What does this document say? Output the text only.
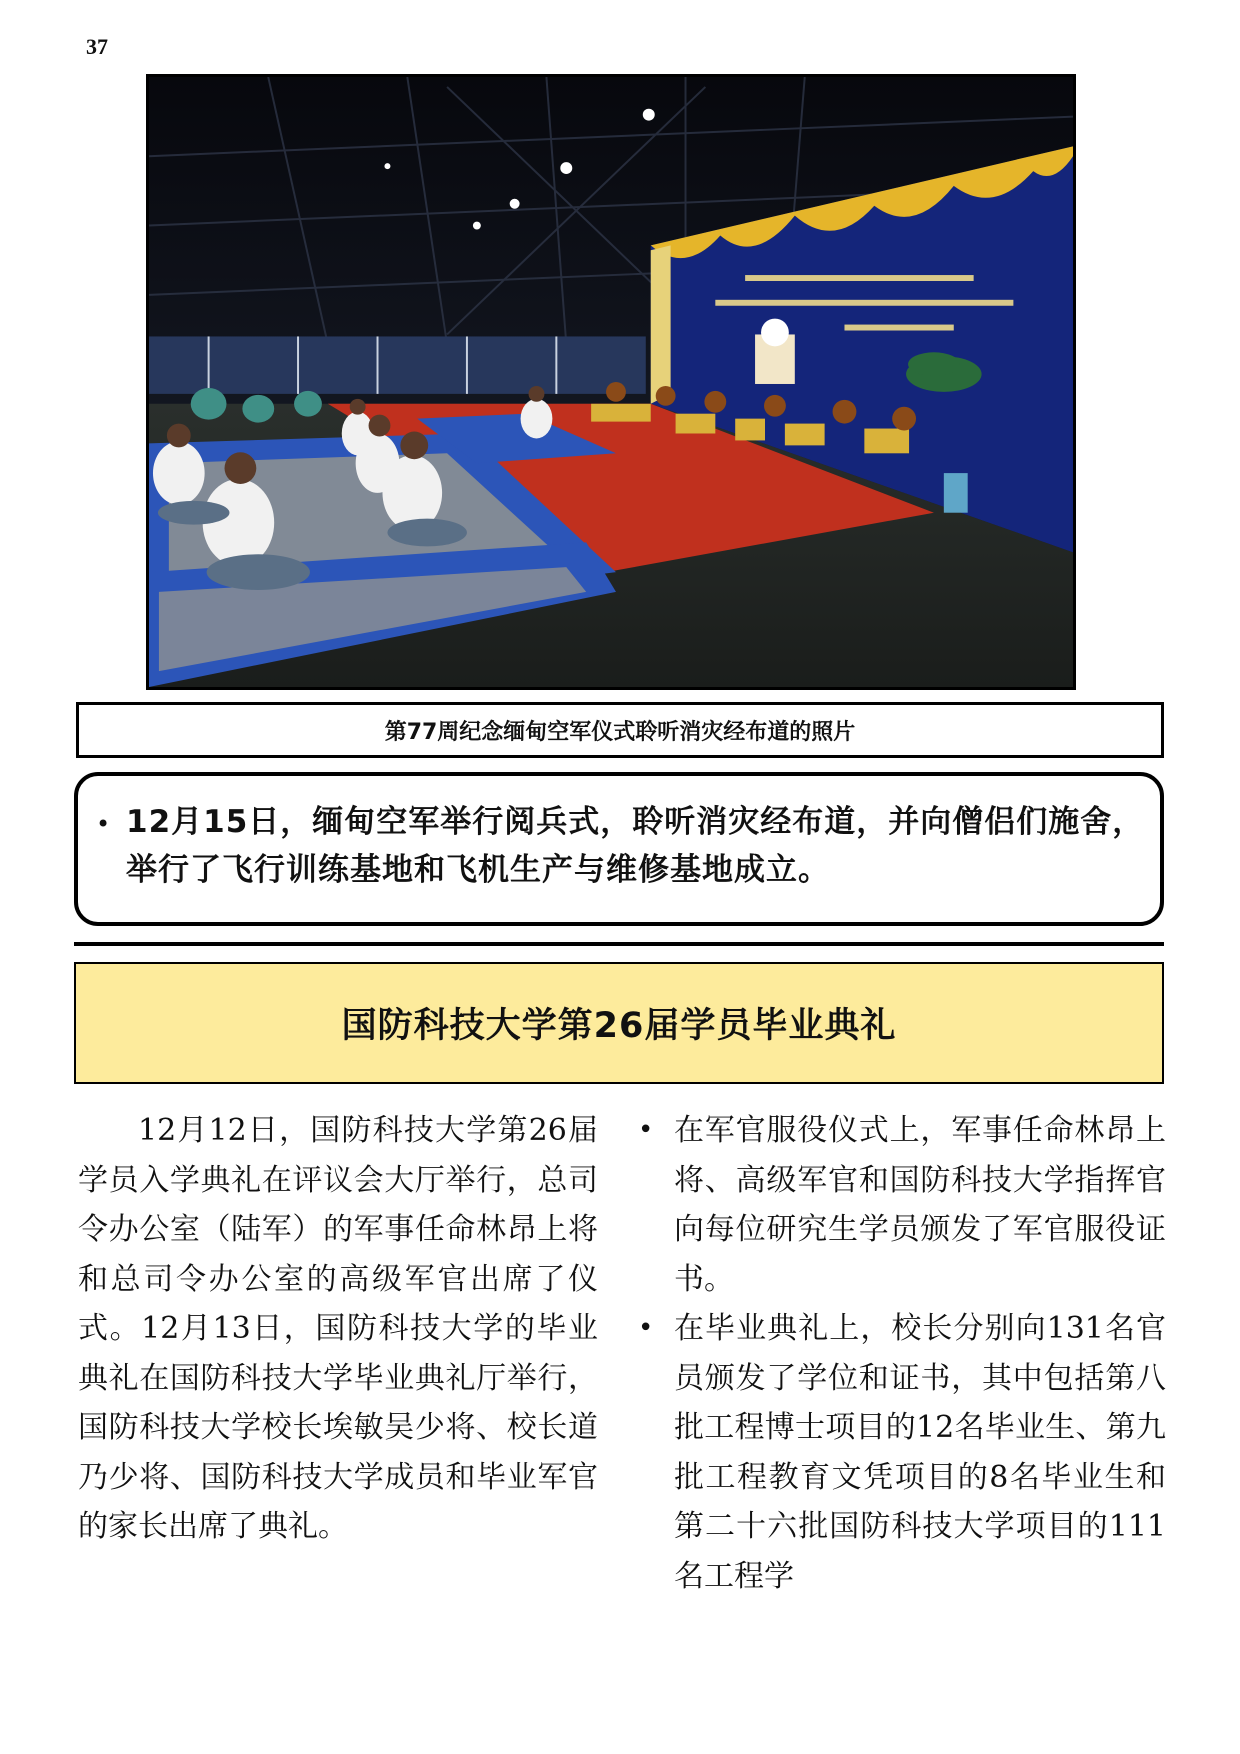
37
第77周纪念缅甸空军仪式聆听消灾经布道的照片
• 12月15日，缅甸空军举行阅兵式，聆听消灾经布道，并向僧侣们施舍，举行了飞行训练基地和飞机生产与维修基地成立。
国防科技大学第26届学员毕业典礼
12月12日，国防科技大学第26届学员入学典礼在评议会大厅举行，总司令办公室（陆军）的军事任命林昂上将和总司令办公室的高级军官出席了仪式。12月13日，国防科技大学的毕业典礼在国防科技大学毕业典礼厅举行，国防科技大学校长埃敏吴少将、校长道乃少将、国防科技大学成员和毕业军官的家长出席了典礼。
• 在军官服役仪式上，军事任命林昂上将、高级军官和国防科技大学指挥官向每位研究生学员颁发了军官服役证书。
• 在毕业典礼上，校长分别向131名官员颁发了学位和证书，其中包括第八批工程博士项目的12名毕业生、第九批工程教育文凭项目的8名毕业生和第二十六批国防科技大学项目的111名工程学
